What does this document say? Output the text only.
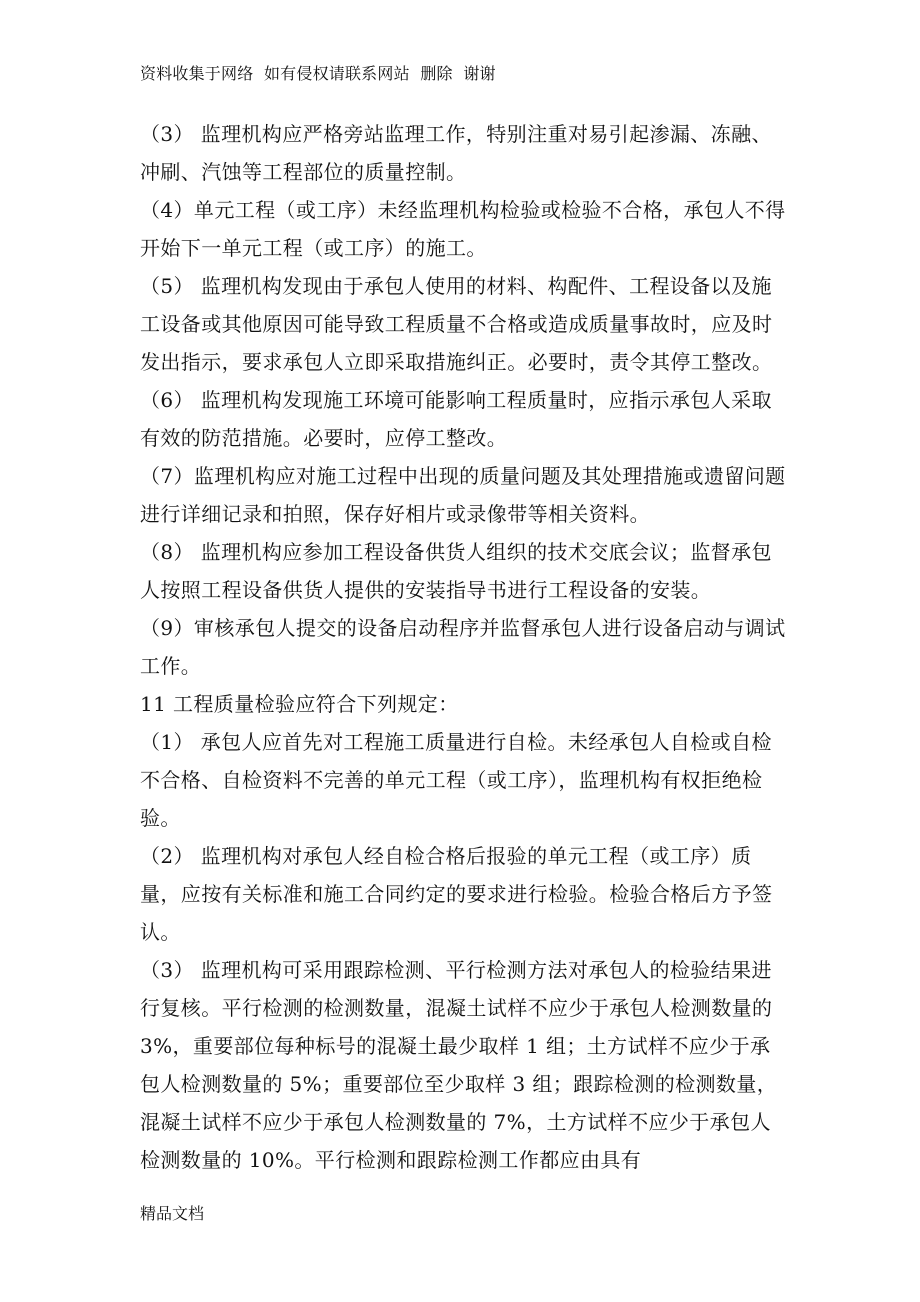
资料收集于网络  如有侵权请联系网站  删除  谢谢

（3） 监理机构应严格旁站监理工作，特别注重对易引起渗漏、冻融、冲刷、汽蚀等工程部位的质量控制。

（4）单元工程（或工序）未经监理机构检验或检验不合格，承包人不得开始下一单元工程（或工序）的施工。

（5） 监理机构发现由于承包人使用的材料、构配件、工程设备以及施工设备或其他原因可能导致工程质量不合格或造成质量事故时，应及时发出指示，要求承包人立即采取措施纠正。必要时，责令其停工整改。

（6） 监理机构发现施工环境可能影响工程质量时，应指示承包人采取有效的防范措施。必要时，应停工整改。

（7）监理机构应对施工过程中出现的质量问题及其处理措施或遗留问题进行详细记录和拍照，保存好相片或录像带等相关资料。

（8） 监理机构应参加工程设备供货人组织的技术交底会议；监督承包人按照工程设备供货人提供的安装指导书进行工程设备的安装。

（9）审核承包人提交的设备启动程序并监督承包人进行设备启动与调试工作。

11 工程质量检验应符合下列规定：

（1） 承包人应首先对工程施工质量进行自检。未经承包人自检或自检不合格、自检资料不完善的单元工程（或工序），监理机构有权拒绝检验。

（2） 监理机构对承包人经自检合格后报验的单元工程（或工序）质量，应按有关标准和施工合同约定的要求进行检验。检验合格后方予签认。

（3） 监理机构可采用跟踪检测、平行检测方法对承包人的检验结果进行复核。平行检测的检测数量，混凝土试样不应少于承包人检测数量的 3%，重要部位每种标号的混凝土最少取样 1 组；土方试样不应少于承包人检测数量的 5%；重要部位至少取样 3 组；跟踪检测的检测数量，混凝土试样不应少于承包人检测数量的 7%，土方试样不应少于承包人检测数量的 10%。平行检测和跟踪检测工作都应由具有

精品文档
